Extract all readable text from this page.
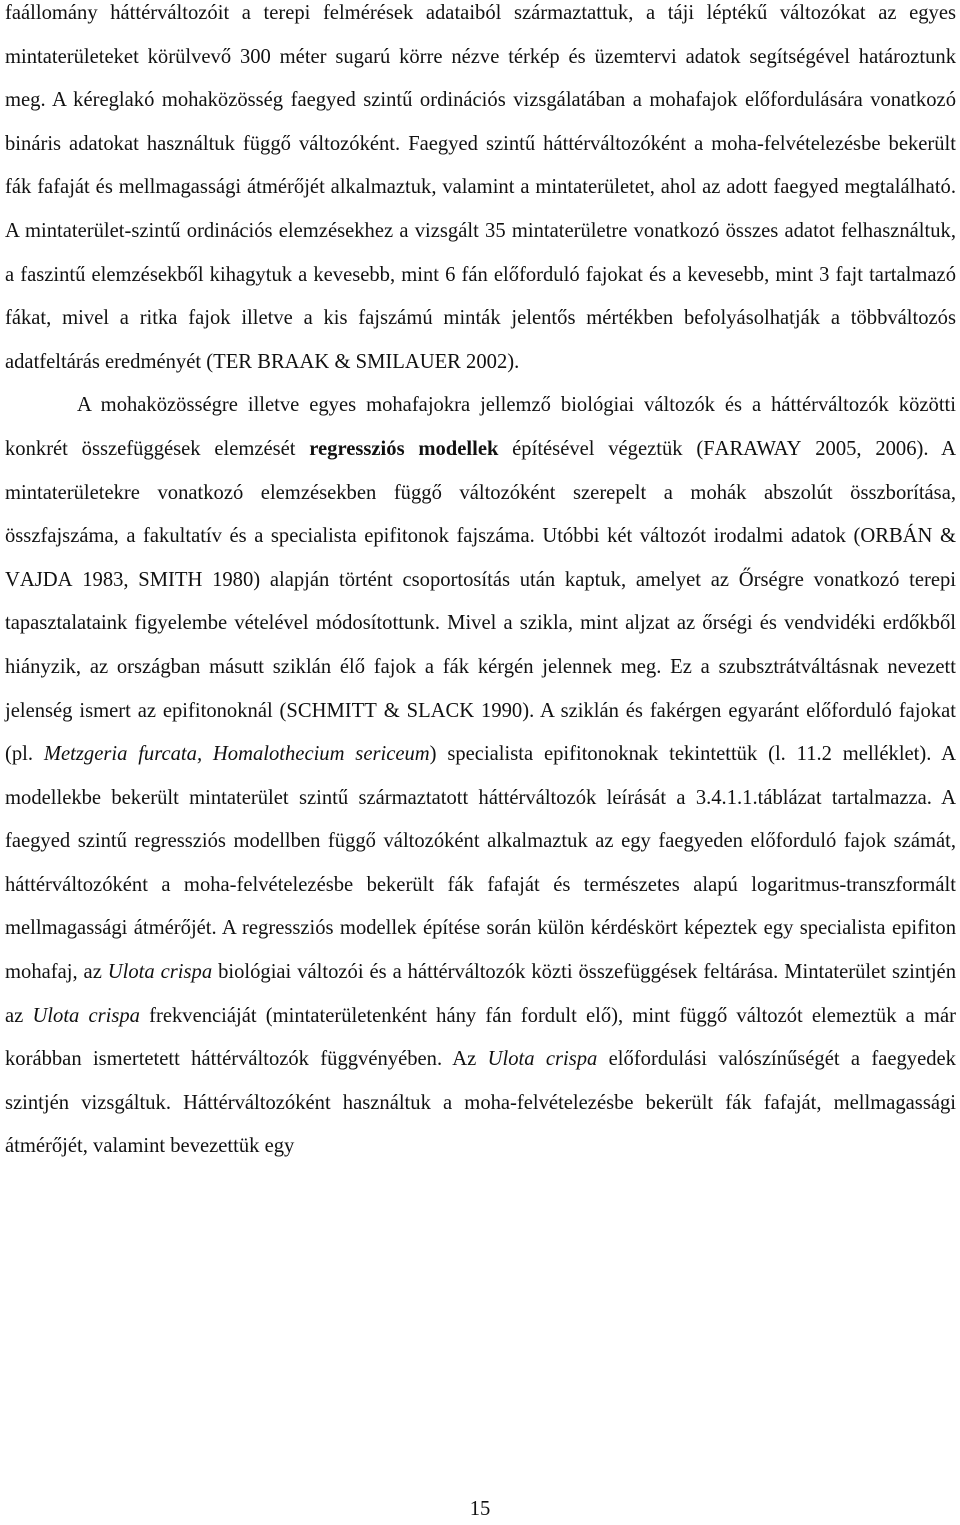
faállomány háttérváltozóit a terepi felmérések adataiból származtattuk, a táji léptékű változókat az egyes mintaterületeket körülvevő 300 méter sugarú körre nézve térkép és üzemtervi adatok segítségével határoztunk meg. A kéreglakó mohaközösség faegyed szintű ordinációs vizsgálatában a mohafajok előfordulására vonatkozó bináris adatokat használtuk függő változóként. Faegyed szintű háttérváltozóként a moha-felvételezésbe bekerült fák fafaját és mellmagassági átmérőjét alkalmaztuk, valamint a mintaterületet, ahol az adott faegyed megtalálható. A mintaterület-szintű ordinációs elemzésekhez a vizsgált 35 mintaterületre vonatkozó összes adatot felhasználtuk, a faszintű elemzésekből kihagytuk a kevesebb, mint 6 fán előforduló fajokat és a kevesebb, mint 3 fajt tartalmazó fákat, mivel a ritka fajok illetve a kis fajszámú minták jelentős mértékben befolyásolhatják a többváltozós adatfeltárás eredményét (TER BRAAK & SMILAUER 2002).

A mohaközösségre illetve egyes mohafajokra jellemző biológiai változók és a háttérváltozók közötti konkrét összefüggések elemzését regressziós modellek építésével végeztük (FARAWAY 2005, 2006). A mintaterületekre vonatkozó elemzésekben függő változóként szerepelt a mohák abszolút összborítása, összfajszáma, a fakultatív és a specialista epifitonok fajszáma. Utóbbi két változót irodalmi adatok (ORBÁN & VAJDA 1983, SMITH 1980) alapján történt csoportosítás után kaptuk, amelyet az Őrségre vonatkozó terepi tapasztalataink figyelembe vételével módosítottunk. Mivel a szikla, mint aljzat az őrségi és vendvidéki erdőkből hiányzik, az országban másutt sziklán élő fajok a fák kérgén jelennek meg. Ez a szubsztrátváltásnak nevezett jelenség ismert az epifitonoknál (SCHMITT & SLACK 1990). A sziklán és fakérgen egyaránt előforduló fajokat (pl. Metzgeria furcata, Homalothecium sericeum) specialista epifitonoknak tekintettük (l. 11.2 melléklet). A modellekbe bekerült mintaterület szintű származtatott háttérváltozók leírását a 3.4.1.1.táblázat tartalmazza. A faegyed szintű regressziós modellben függő változóként alkalmaztuk az egy faegyeden előforduló fajok számát, háttérváltozóként a moha-felvételezésbe bekerült fák fafaját és természetes alapú logaritmus-transzformált mellmagassági átmérőjét. A regressziós modellek építése során külön kérdéskört képeztek egy specialista epifiton mohafaj, az Ulota crispa biológiai változói és a háttérváltozók közti összefüggések feltárása. Mintaterület szintjén az Ulota crispa frekvenciáját (mintaterületenként hány fán fordult elő), mint függő változót elemeztük a már korábban ismertetett háttérváltozók függvényében. Az Ulota crispa előfordulási valószínűségét a faegyedek szintjén vizsgáltuk. Háttérváltozóként használtuk a moha-felvételezésbe bekerült fák fafaját, mellmagassági átmérőjét, valamint bevezettük egy

15
